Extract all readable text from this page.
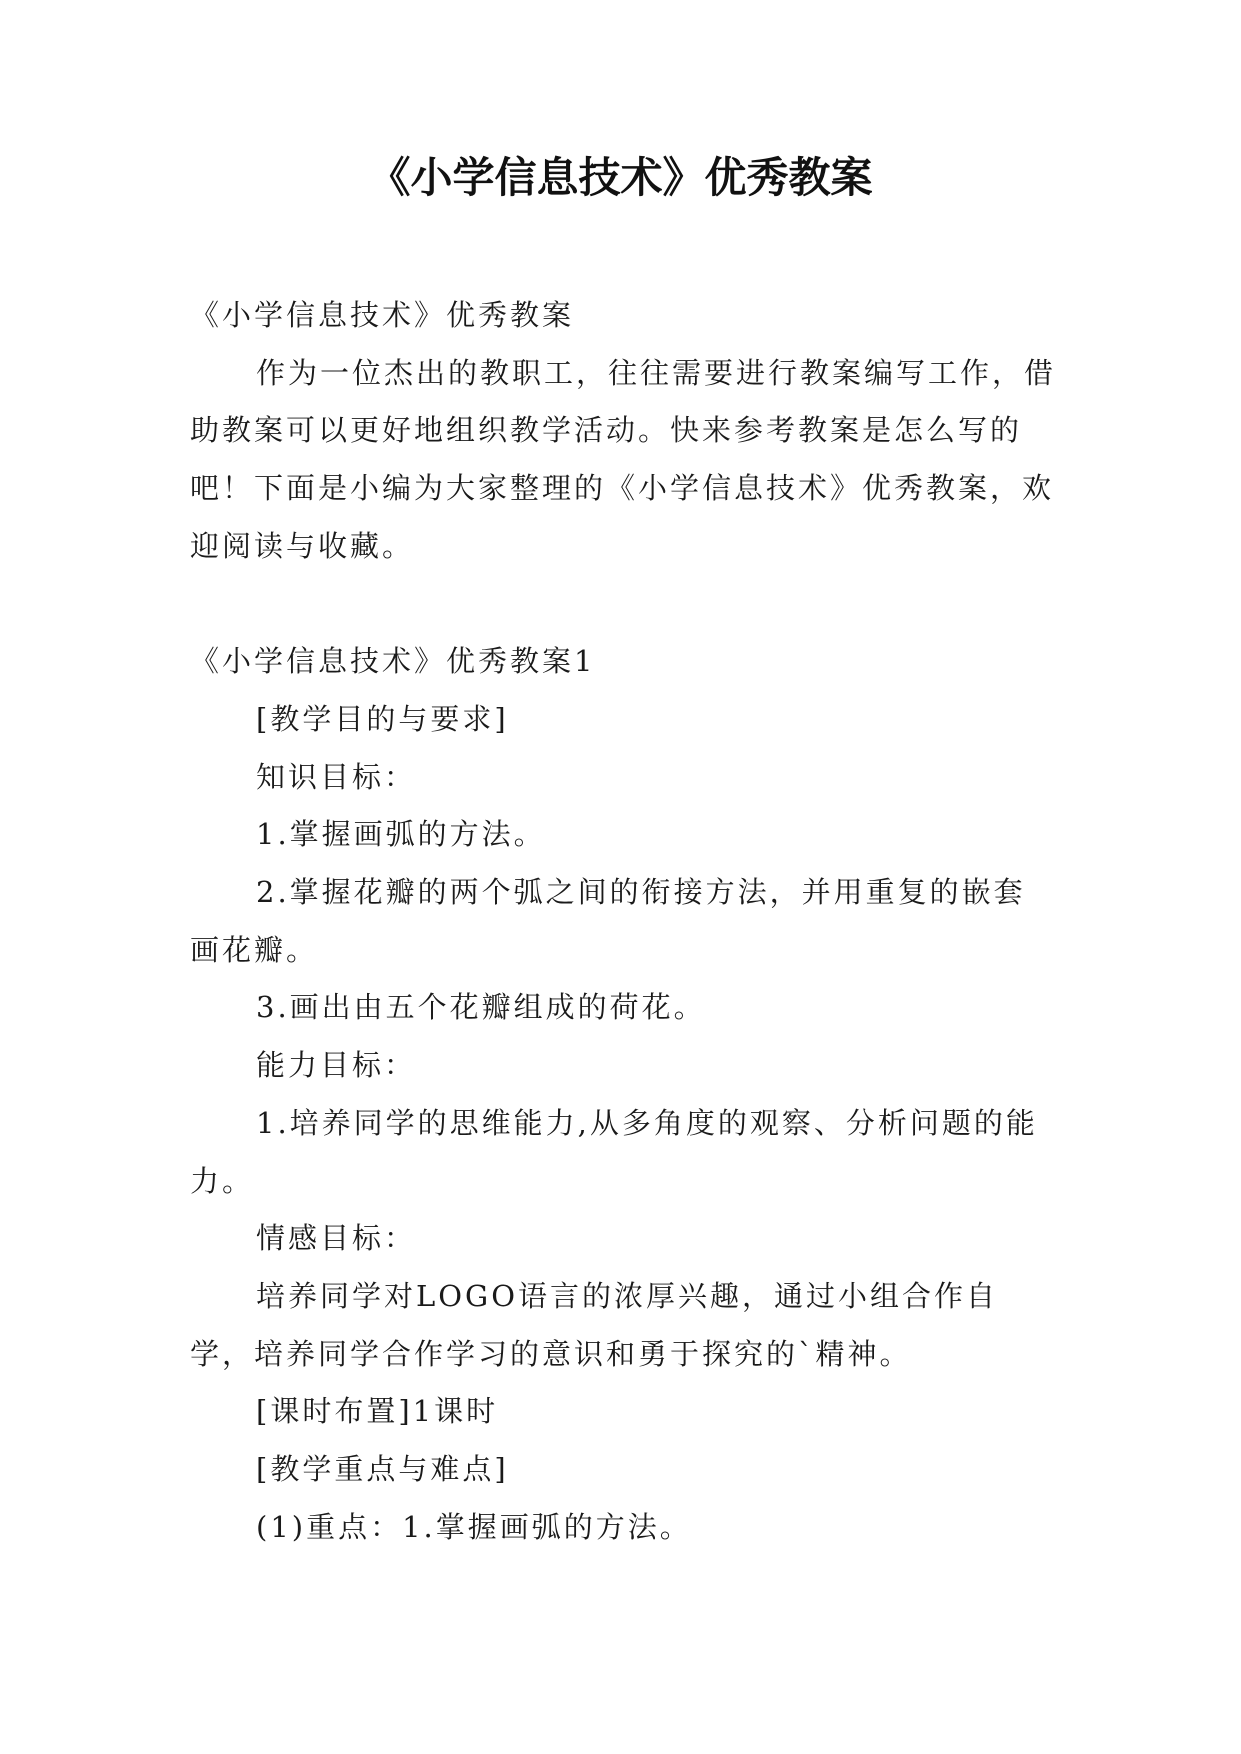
《小学信息技术》优秀教案

《小学信息技术》优秀教案

作为一位杰出的教职工，往往需要进行教案编写工作，借助教案可以更好地组织教学活动。快来参考教案是怎么写的吧！下面是小编为大家整理的《小学信息技术》优秀教案，欢迎阅读与收藏。

《小学信息技术》优秀教案1

[教学目的与要求]

知识目标：

1.掌握画弧的方法。

2.掌握花瓣的两个弧之间的衔接方法，并用重复的嵌套画花瓣。

3.画出由五个花瓣组成的荷花。

能力目标：

1.培养同学的思维能力,从多角度的观察、分析问题的能力。

情感目标：

培养同学对LOGO语言的浓厚兴趣，通过小组合作自学，培养同学合作学习的意识和勇于探究的`精神。

[课时布置]1课时

[教学重点与难点]

(1)重点：1.掌握画弧的方法。
